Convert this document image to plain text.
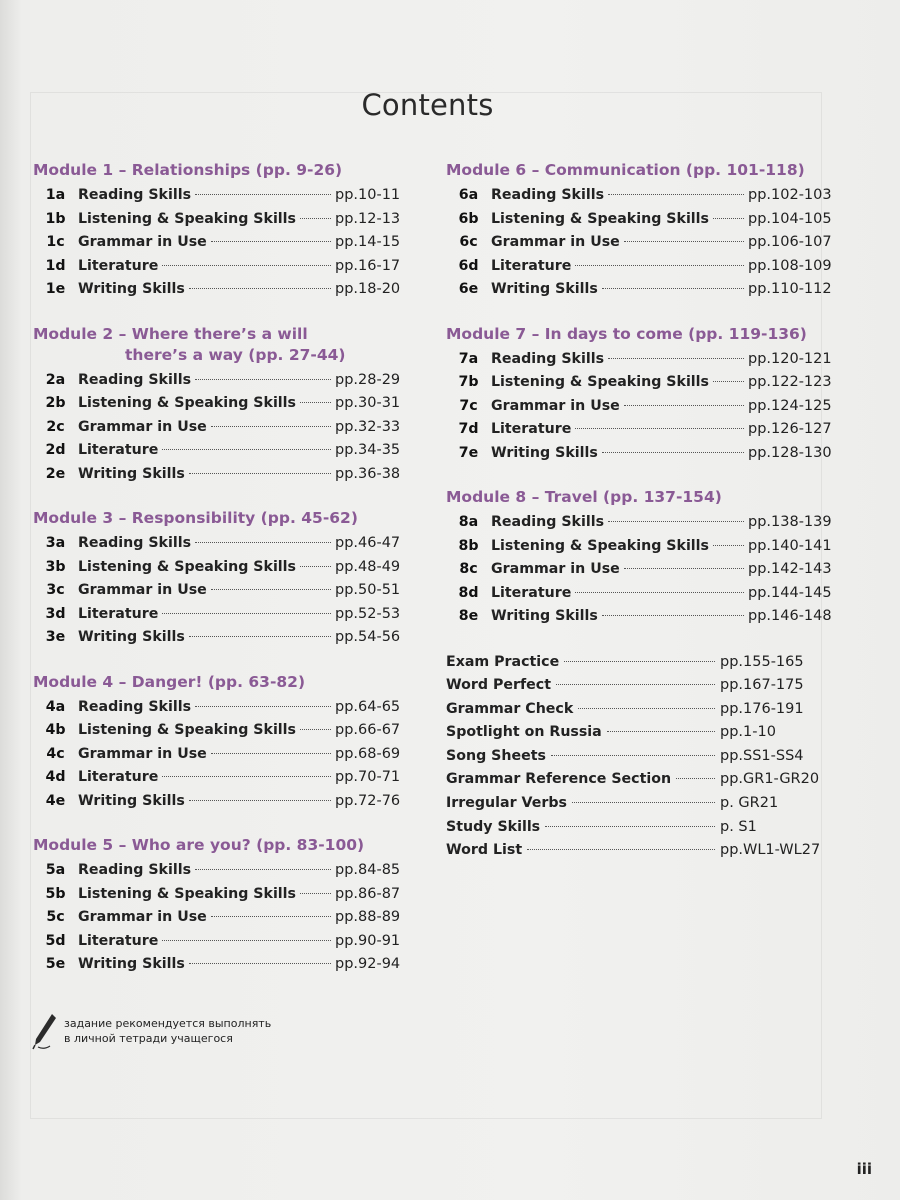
Contents
Module 1 – Relationships (pp. 9-26)
1a Reading Skills	pp.10-11
1b Listening & Speaking Skills	pp.12-13
1c Grammar in Use	pp.14-15
1d Literature	pp.16-17
1e Writing Skills	pp.18-20
Module 2 – Where there’s a will
there’s a way (pp. 27-44)
2a Reading Skills	pp.28-29
2b Listening & Speaking Skills	pp.30-31
2c Grammar in Use	pp.32-33
2d Literature	pp.34-35
2e Writing Skills	pp.36-38
Module 3 – Responsibility (pp. 45-62)
3a Reading Skills	pp.46-47
3b Listening & Speaking Skills	pp.48-49
3c Grammar in Use	pp.50-51
3d Literature	pp.52-53
3e Writing Skills	pp.54-56
Module 4 – Danger! (pp. 63-82)
4a Reading Skills	pp.64-65
4b Listening & Speaking Skills	pp.66-67
4c Grammar in Use	pp.68-69
4d Literature	pp.70-71
4e Writing Skills	pp.72-76
Module 5 – Who are you? (pp. 83-100)
5a Reading Skills	pp.84-85
5b Listening & Speaking Skills	pp.86-87
5c Grammar in Use	pp.88-89
5d Literature	pp.90-91
5e Writing Skills	pp.92-94
Module 6 – Communication (pp. 101-118)
6a Reading Skills	pp.102-103
6b Listening & Speaking Skills	pp.104-105
6c Grammar in Use	pp.106-107
6d Literature	pp.108-109
6e Writing Skills	pp.110-112
Module 7 – In days to come (pp. 119-136)
7a Reading Skills	pp.120-121
7b Listening & Speaking Skills	pp.122-123
7c Grammar in Use	pp.124-125
7d Literature	pp.126-127
7e Writing Skills	pp.128-130
Module 8 – Travel (pp. 137-154)
8a Reading Skills	pp.138-139
8b Listening & Speaking Skills	pp.140-141
8c Grammar in Use	pp.142-143
8d Literature	pp.144-145
8e Writing Skills	pp.146-148
Exam Practice	pp.155-165
Word Perfect	pp.167-175
Grammar Check	pp.176-191
Spotlight on Russia	pp.1-10
Song Sheets	pp.SS1-SS4
Grammar Reference Section	pp.GR1-GR20
Irregular Verbs	p. GR21
Study Skills	p. S1
Word List	pp.WL1-WL27
задание рекомендуется выполнять
в личной тетради учащегося
iii
